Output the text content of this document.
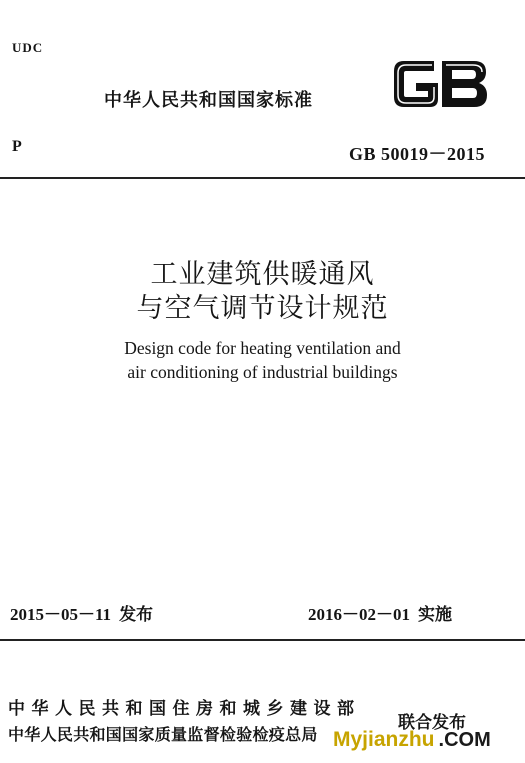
UDC
中华人民共和国国家标准
P	GB 50019－2015
工业建筑供暖通风
与空气调节设计规范
Design code for heating ventilation and
air conditioning of industrial buildings
2015－05－11 发布	2016－02－01 实施
中华人民共和国住房和城乡建设部
中华人民共和国国家质量监督检验检疫总局
联合发布
Myjianzhu .COM
